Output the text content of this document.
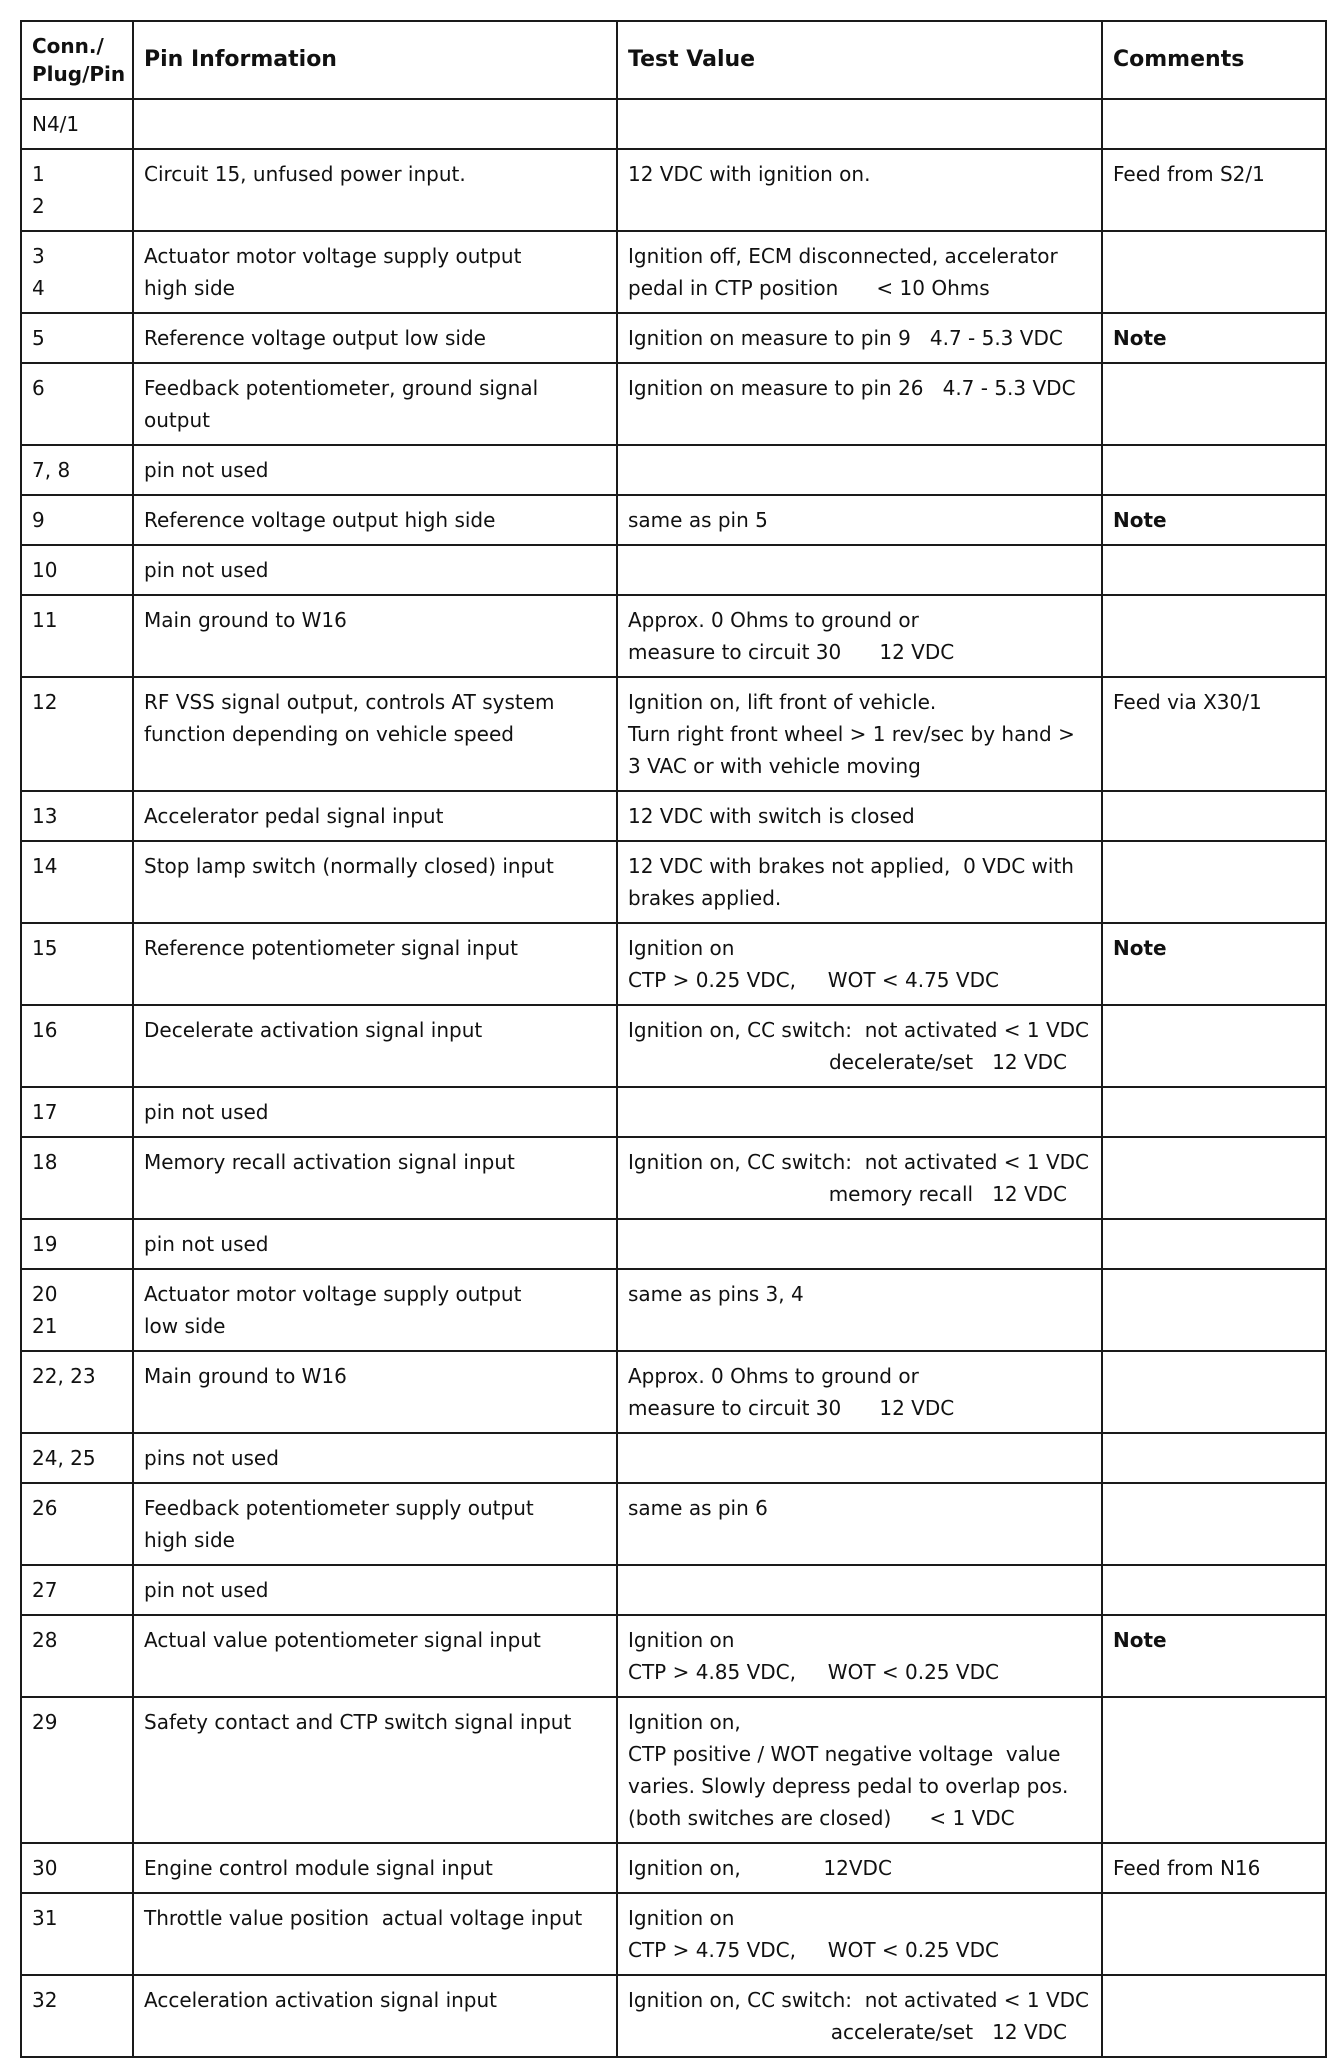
Conn./
Plug/Pin	Pin Information	Test Value	Comments

N4/1			

1
2	Circuit 15, unfused power input.	12 VDC with ignition on.	Feed from S2/1

3
4	Actuator motor voltage supply output
high side	Ignition off, ECM disconnected, accelerator
pedal in CTP position      < 10 Ohms	

5	Reference voltage output low side	Ignition on measure to pin 9   4.7 - 5.3 VDC	Note

6	Feedback potentiometer, ground signal
output	Ignition on measure to pin 26   4.7 - 5.3 VDC	

7, 8	pin not used		

9	Reference voltage output high side	same as pin 5	Note

10	pin not used		

11	Main ground to W16	Approx. 0 Ohms to ground or
measure to circuit 30      12 VDC	

12	RF VSS signal output, controls AT system
function depending on vehicle speed	Ignition on, lift front of vehicle.
Turn right front wheel > 1 rev/sec by hand >
3 VAC or with vehicle moving	Feed via X30/1

13	Accelerator pedal signal input	12 VDC with switch is closed	

14	Stop lamp switch (normally closed) input	12 VDC with brakes not applied,  0 VDC with
brakes applied.	

15	Reference potentiometer signal input	Ignition on
CTP > 0.25 VDC,     WOT < 4.75 VDC	Note

16	Decelerate activation signal input	Ignition on, CC switch:  not activated < 1 VDC
decelerate/set   12 VDC	

17	pin not used		

18	Memory recall activation signal input	Ignition on, CC switch:  not activated < 1 VDC
memory recall   12 VDC	

19	pin not used		

20
21	Actuator motor voltage supply output
low side	same as pins 3, 4	

22, 23	Main ground to W16	Approx. 0 Ohms to ground or
measure to circuit 30      12 VDC	

24, 25	pins not used		

26	Feedback potentiometer supply output
high side	same as pin 6	

27	pin not used		

28	Actual value potentiometer signal input	Ignition on
CTP > 4.85 VDC,     WOT < 0.25 VDC	Note

29	Safety contact and CTP switch signal input	Ignition on,
CTP positive / WOT negative voltage  value
varies. Slowly depress pedal to overlap pos.
(both switches are closed)      < 1 VDC	

30	Engine control module signal input	Ignition on,             12VDC	Feed from N16

31	Throttle value position  actual voltage input	Ignition on
CTP > 4.75 VDC,     WOT < 0.25 VDC	

32	Acceleration activation signal input	Ignition on, CC switch:  not activated < 1 VDC
accelerate/set   12 VDC	
